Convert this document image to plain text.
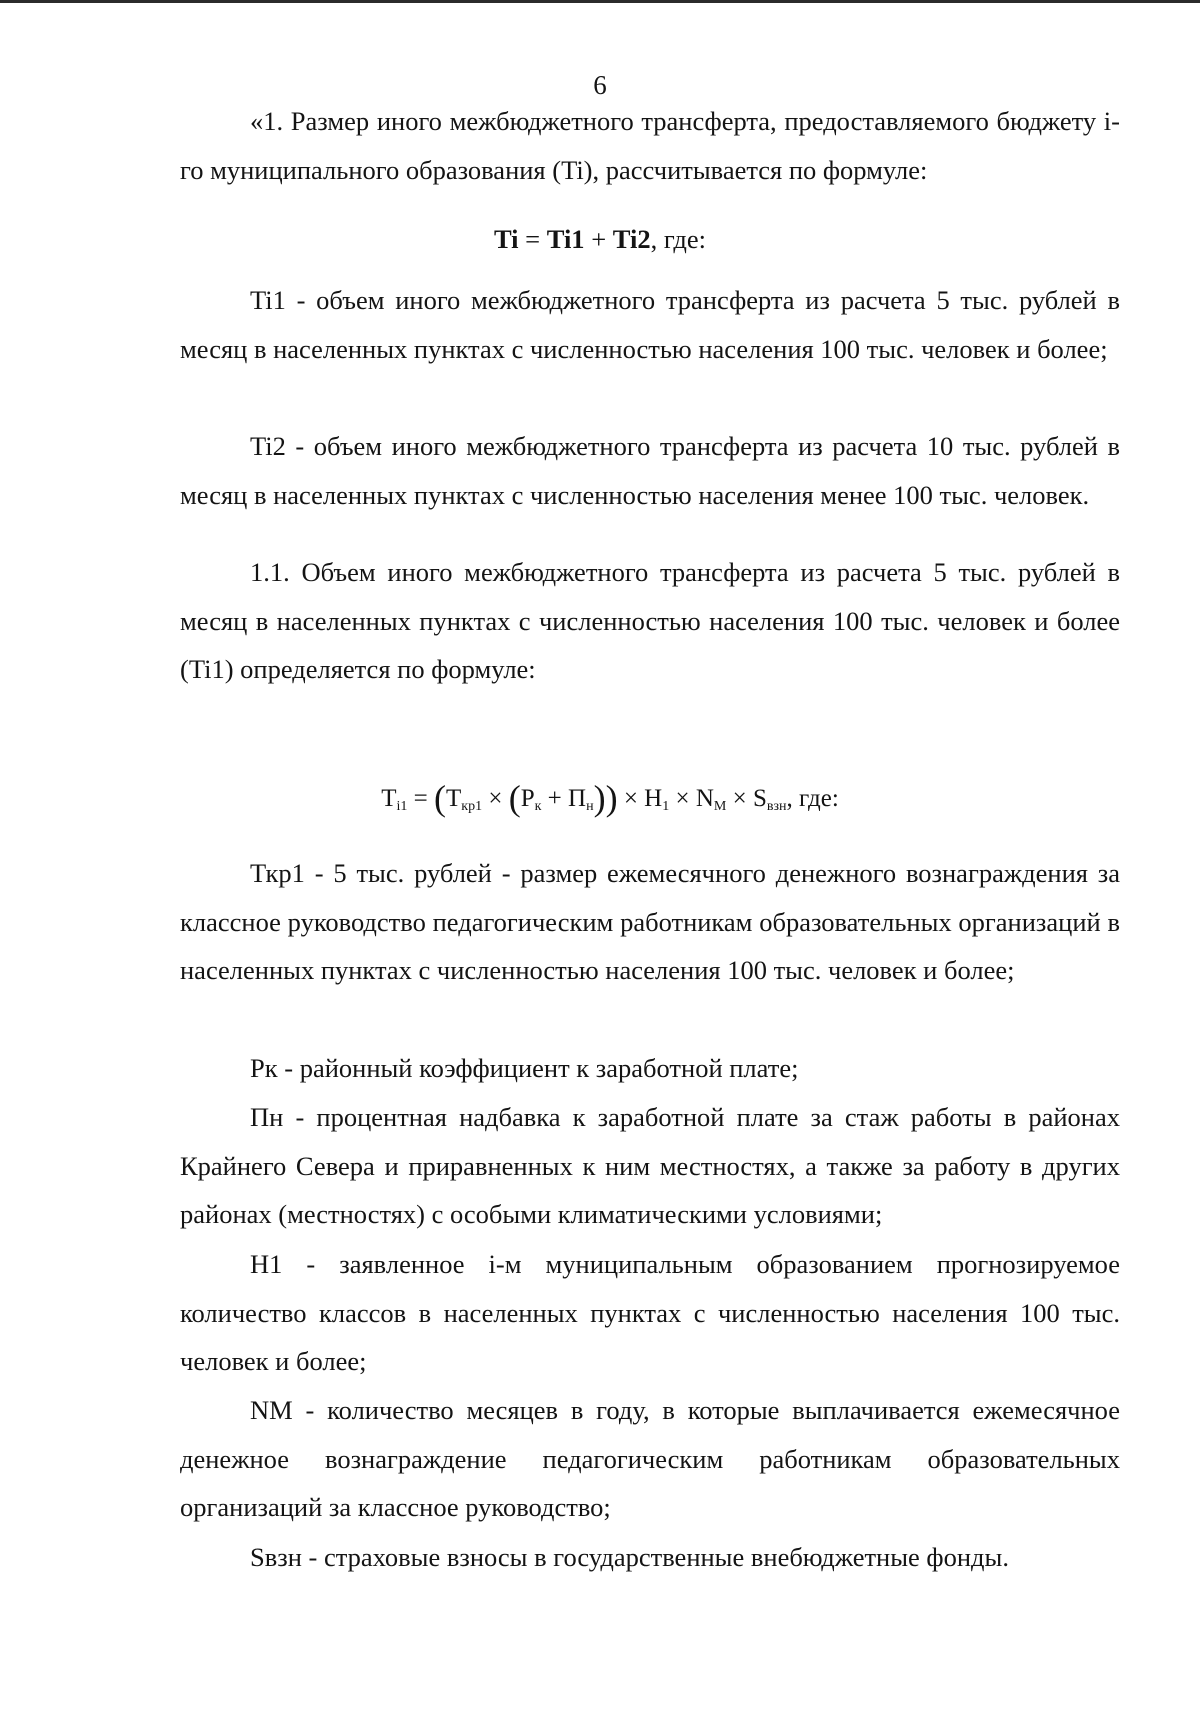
6

«1. Размер иного межбюджетного трансферта, предоставляемого бюджету i-го муниципального образования (Ti), рассчитывается по формуле:

Ti = Ti1 + Ti2, где:

Ti1 - объем иного межбюджетного трансферта из расчета 5 тыс. рублей в месяц в населенных пунктах с численностью населения 100 тыс. человек и более;

Ti2 - объем иного межбюджетного трансферта из расчета 10 тыс. рублей в месяц в населенных пунктах с численностью населения менее 100 тыс. человек.

1.1. Объем иного межбюджетного трансферта из расчета 5 тыс. рублей в месяц в населенных пунктах с численностью населения 100 тыс. человек и более (Ti1) определяется по формуле:

$T_{i1} = (T_{кр1} \times (P_к + П_н)) \times H_1 \times N_М \times S_{взн}$, где:

Ткр1 - 5 тыс. рублей - размер ежемесячного денежного вознаграждения за классное руководство педагогическим работникам образовательных организаций в населенных пунктах с численностью населения 100 тыс. человек и более;

Рк - районный коэффициент к заработной плате;

Пн - процентная надбавка к заработной плате за стаж работы в районах Крайнего Севера и приравненных к ним местностях, а также за работу в других районах (местностях) с особыми климатическими условиями;

Н1 - заявленное i-м муниципальным образованием прогнозируемое количество классов в населенных пунктах с численностью населения 100 тыс. человек и более;

NМ - количество месяцев в году, в которые выплачивается ежемесячное денежное вознаграждение педагогическим работникам образовательных организаций за классное руководство;

Sвзн - страховые взносы в государственные внебюджетные фонды.
